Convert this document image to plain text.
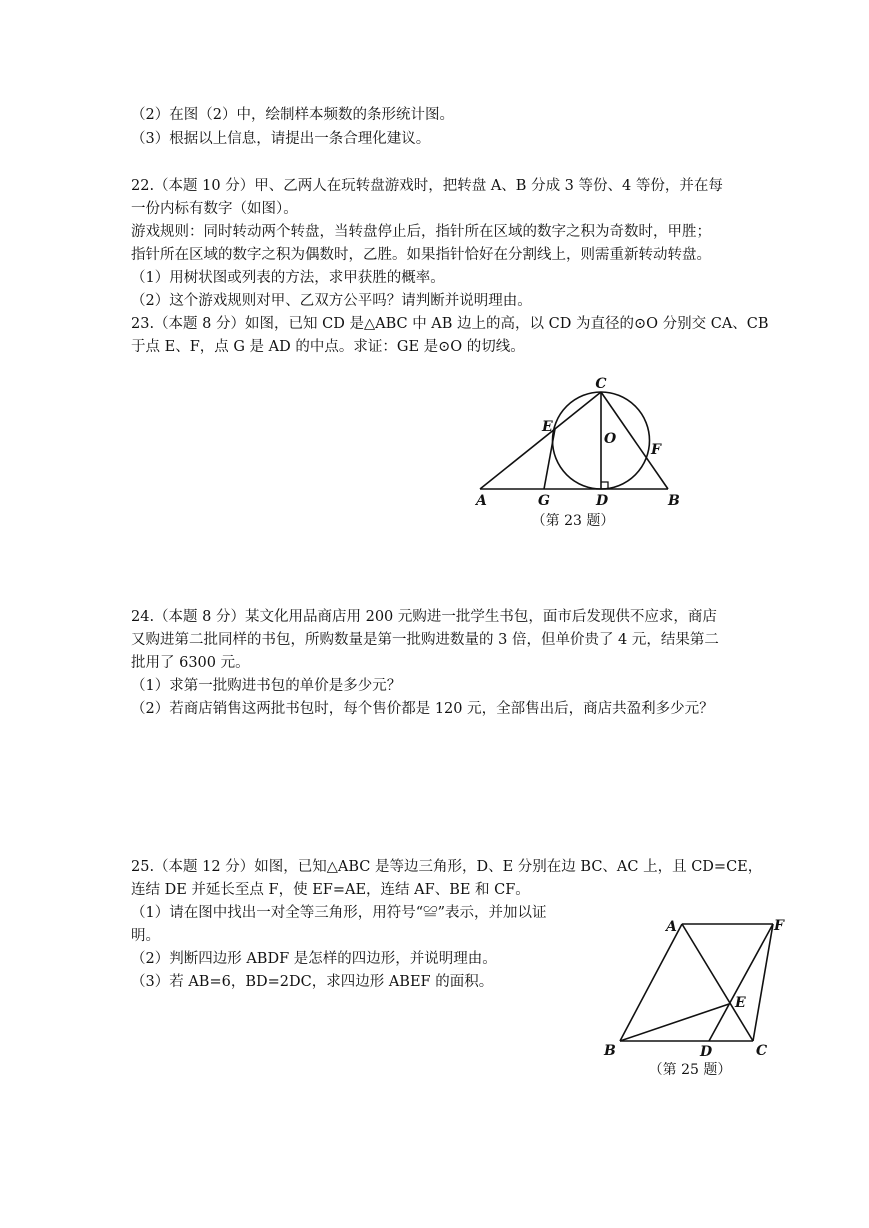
（2）在图（2）中，绘制样本频数的条形统计图。
（3）根据以上信息，请提出一条合理化建议。
22.（本题 10 分）甲、乙两人在玩转盘游戏时，把转盘 A、B 分成 3 等份、4 等份，并在每
一份内标有数字（如图）。
游戏规则：同时转动两个转盘，当转盘停止后，指针所在区域的数字之积为奇数时，甲胜；
指针所在区域的数字之积为偶数时，乙胜。如果指针恰好在分割线上，则需重新转动转盘。
（1）用树状图或列表的方法，求甲获胜的概率。
（2）这个游戏规则对甲、乙双方公平吗？请判断并说明理由。
23.（本题 8 分）如图，已知 CD 是△ABC 中 AB 边上的高，以 CD 为直径的⊙O 分别交 CA、CB
于点 E、F，点 G 是 AD 的中点。求证：GE 是⊙O 的切线。
C
E
O
F
A	G	D	B
（第 23 题）
24.（本题 8 分）某文化用品商店用 200 元购进一批学生书包，面市后发现供不应求，商店
又购进第二批同样的书包，所购数量是第一批购进数量的 3 倍，但单价贵了 4 元，结果第二
批用了 6300 元。
（1）求第一批购进书包的单价是多少元？
（2）若商店销售这两批书包时，每个售价都是 120 元，全部售出后，商店共盈利多少元？
25.（本题 12 分）如图，已知△ABC 是等边三角形，D、E 分别在边 BC、AC 上，且 CD=CE，
连结 DE 并延长至点 F，使 EF=AE，连结 AF、BE 和 CF。
（1）请在图中找出一对全等三角形，用符号“≌”表示，并加以证
明。
（2）判断四边形 ABDF 是怎样的四边形，并说明理由。
（3）若 AB=6，BD=2DC，求四边形 ABEF 的面积。
A	F
E
B	D	C
（第 25 题）
